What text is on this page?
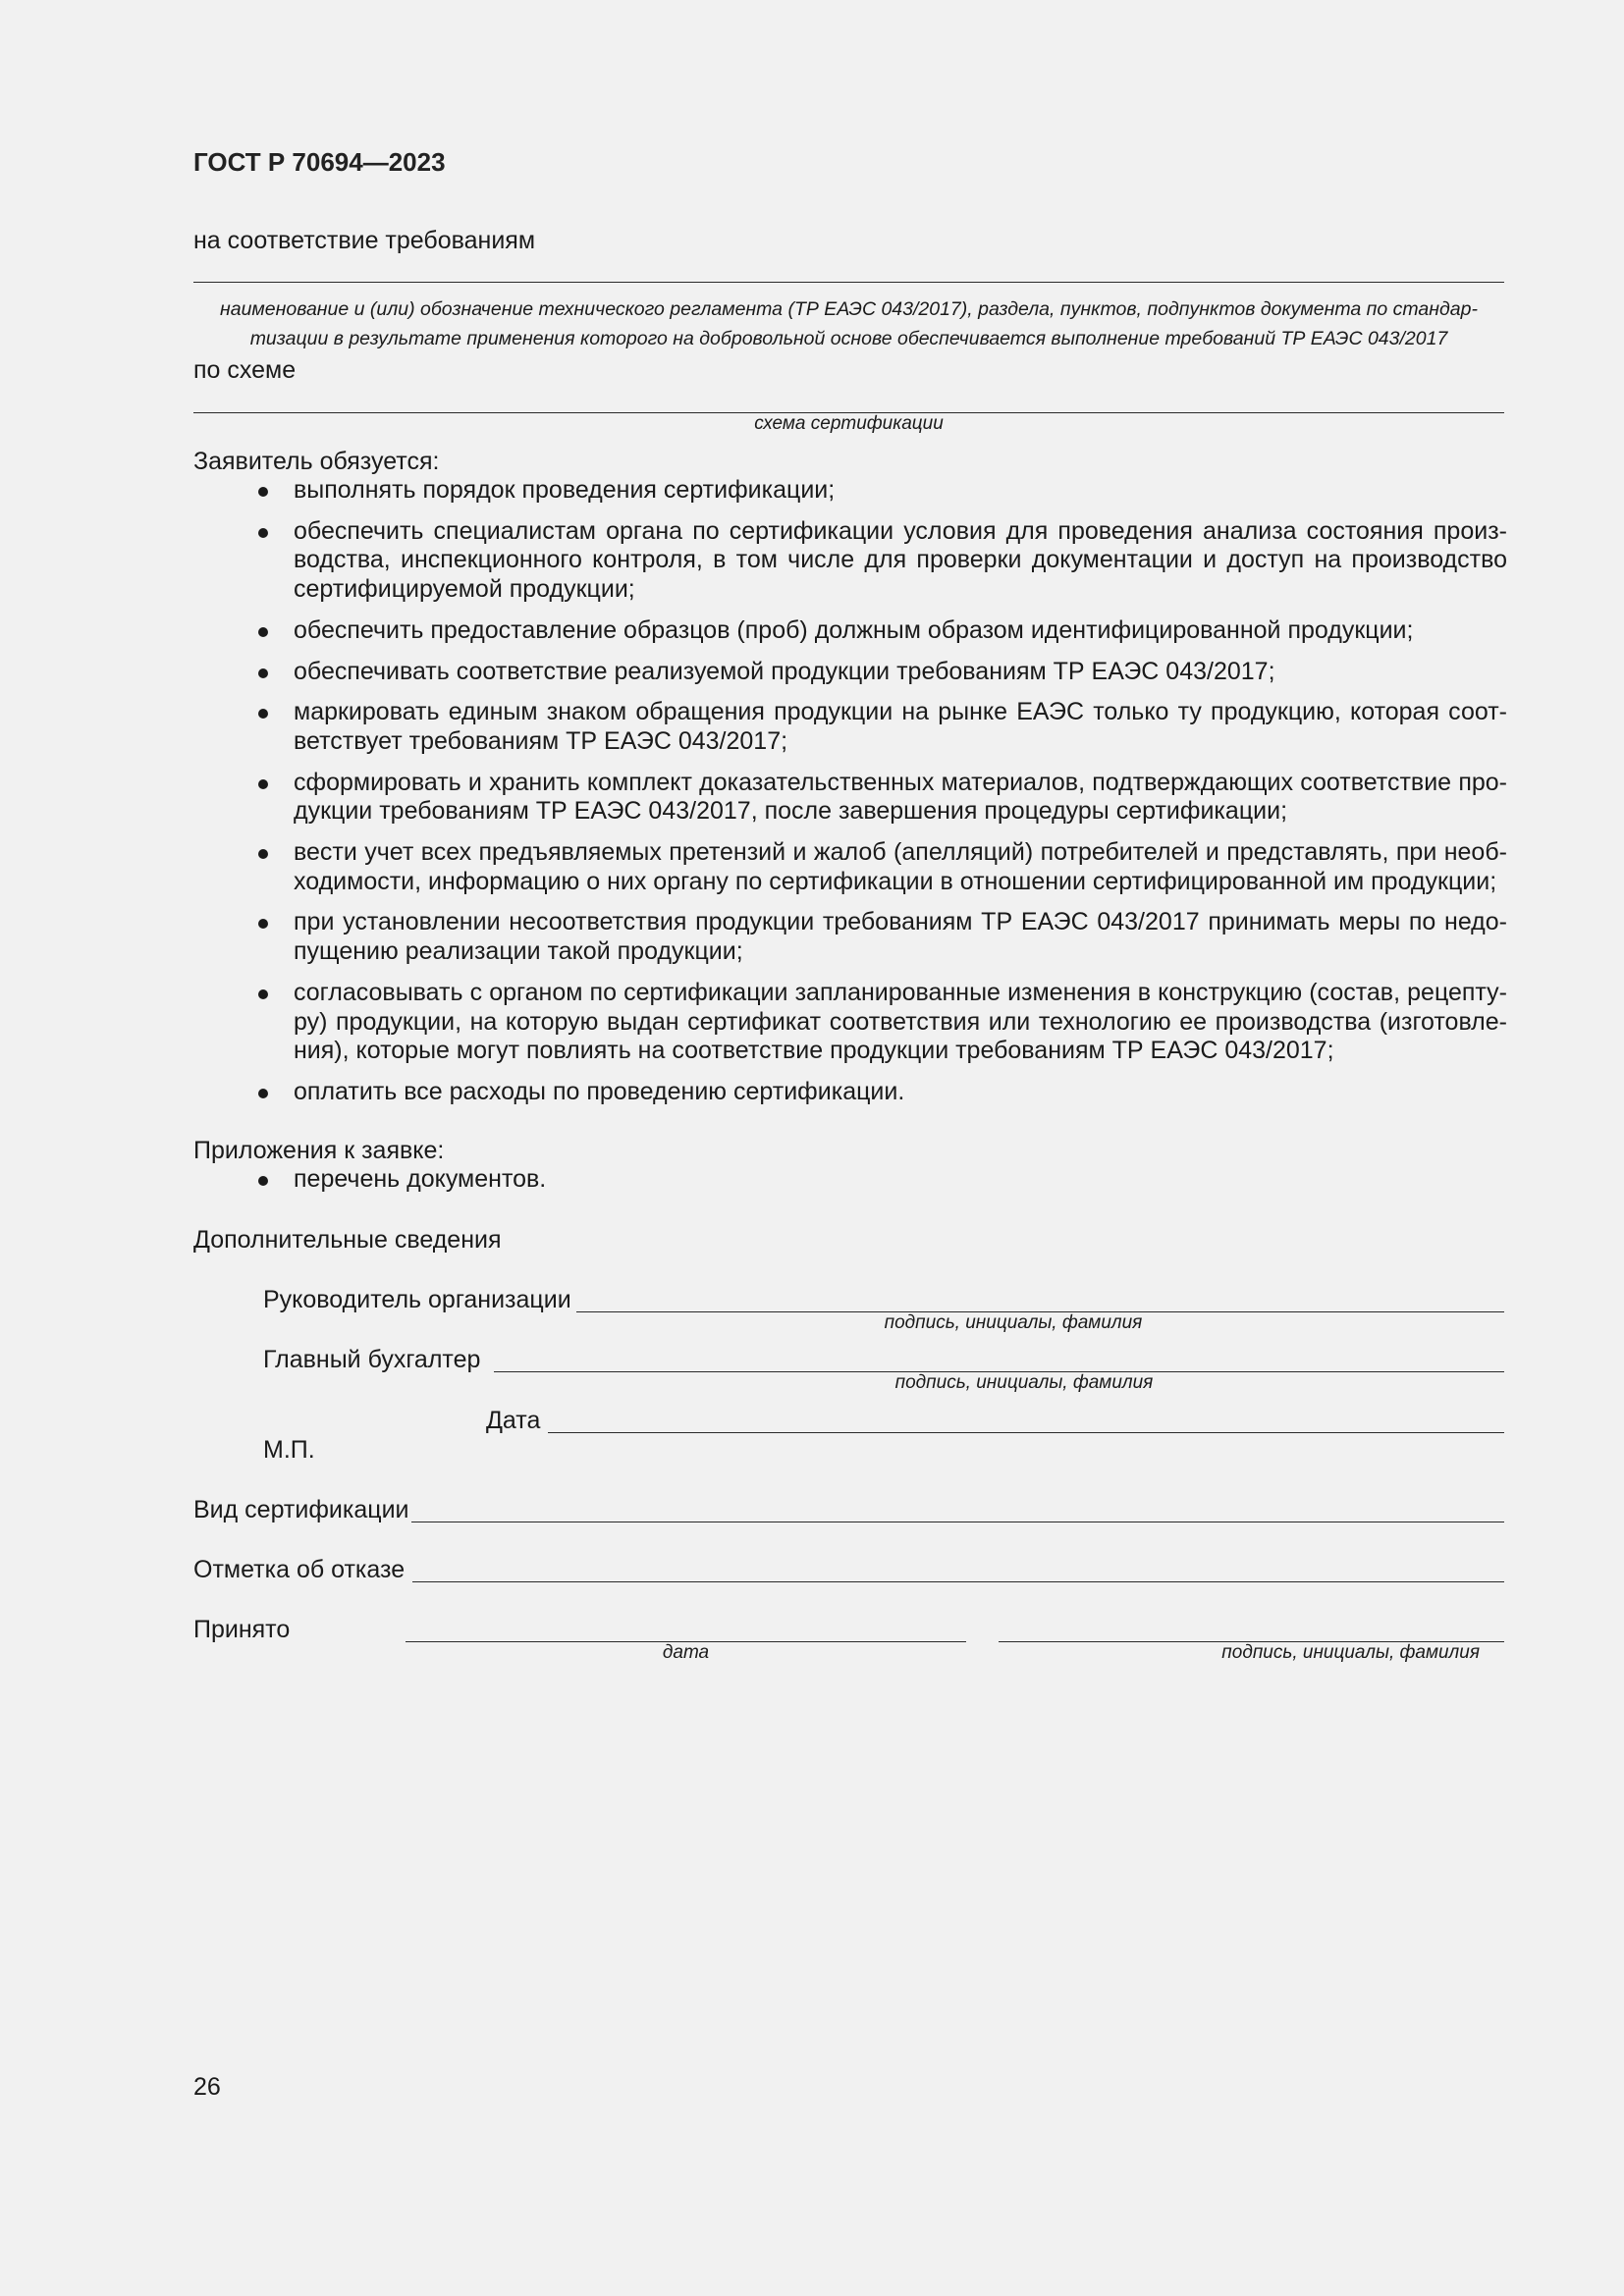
ГОСТ Р 70694—2023
на соответствие требованиям
наименование и (или) обозначение технического регламента (ТР ЕАЭС 043/2017), раздела, пунктов, подпунктов документа по стандартизации в результате применения которого на добровольной основе обеспечивается выполнение требований ТР ЕАЭС 043/2017
по схеме
схема сертификации
Заявитель обязуется:
выполнять порядок проведения сертификации;
обеспечить специалистам органа по сертификации условия для проведения анализа состояния производства, инспекционного контроля, в том числе для проверки документации и доступ на производство сертифицируемой продукции;
обеспечить предоставление образцов (проб) должным образом идентифицированной продукции;
обеспечивать соответствие реализуемой продукции требованиям ТР ЕАЭС 043/2017;
маркировать единым знаком обращения продукции на рынке ЕАЭС только ту продукцию, которая соответствует требованиям ТР ЕАЭС 043/2017;
сформировать и хранить комплект доказательственных материалов, подтверждающих соответствие продукции требованиям ТР ЕАЭС 043/2017, после завершения процедуры сертификации;
вести учет всех предъявляемых претензий и жалоб (апелляций) потребителей и представлять, при необходимости, информацию о них органу по сертификации в отношении сертифицированной им продукции;
при установлении несоответствия продукции требованиям ТР ЕАЭС 043/2017 принимать меры по недопущению реализации такой продукции;
согласовывать с органом по сертификации запланированные изменения в конструкцию (состав, рецептуру) продукции, на которую выдан сертификат соответствия или технологию ее производства (изготовления), которые могут повлиять на соответствие продукции требованиям ТР ЕАЭС 043/2017;
оплатить все расходы по проведению сертификации.
Приложения к заявке:
перечень документов.
Дополнительные сведения
Руководитель организации
подпись, инициалы, фамилия
Главный бухгалтер
подпись, инициалы, фамилия
Дата
М.П.
Вид сертификации
Отметка об отказе
Принято
дата	подпись, инициалы, фамилия
26
